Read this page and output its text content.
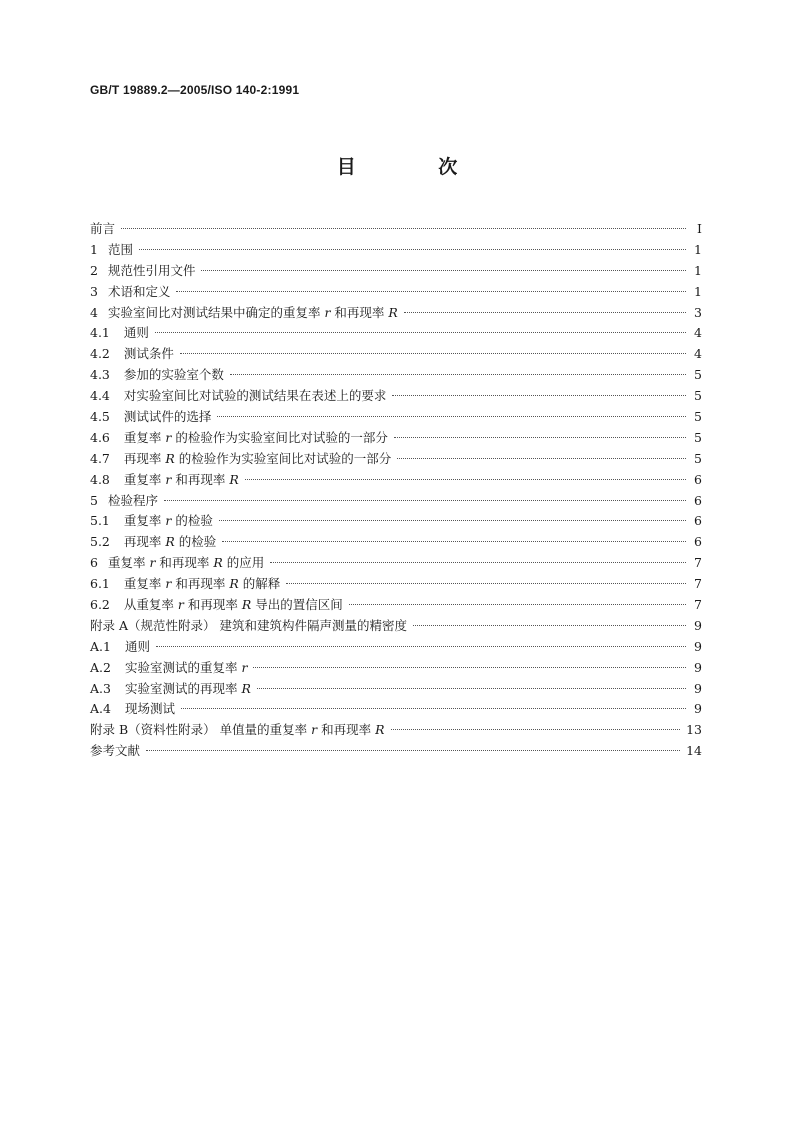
GB/T 19889.2—2005/ISO 140-2:1991
目 次
前言	Ⅰ
1 范围	1
2 规范性引用文件	1
3 术语和定义	1
4 实验室间比对测试结果中确定的重复率 r 和再现率 R	3
4.1 通则	4
4.2 测试条件	4
4.3 参加的实验室个数	5
4.4 对实验室间比对试验的测试结果在表述上的要求	5
4.5 测试试件的选择	5
4.6 重复率 r 的检验作为实验室间比对试验的一部分	5
4.7 再现率 R 的检验作为实验室间比对试验的一部分	5
4.8 重复率 r 和再现率 R	6
5 检验程序	6
5.1 重复率 r 的检验	6
5.2 再现率 R 的检验	6
6 重复率 r 和再现率 R 的应用	7
6.1 重复率 r 和再现率 R 的解释	7
6.2 从重复率 r 和再现率 R 导出的置信区间	7
附录 A（规范性附录） 建筑和建筑构件隔声测量的精密度	9
A.1 通则	9
A.2 实验室测试的重复率 r	9
A.3 实验室测试的再现率 R	9
A.4 现场测试	9
附录 B（资料性附录） 单值量的重复率 r 和再现率 R	13
参考文献	14
